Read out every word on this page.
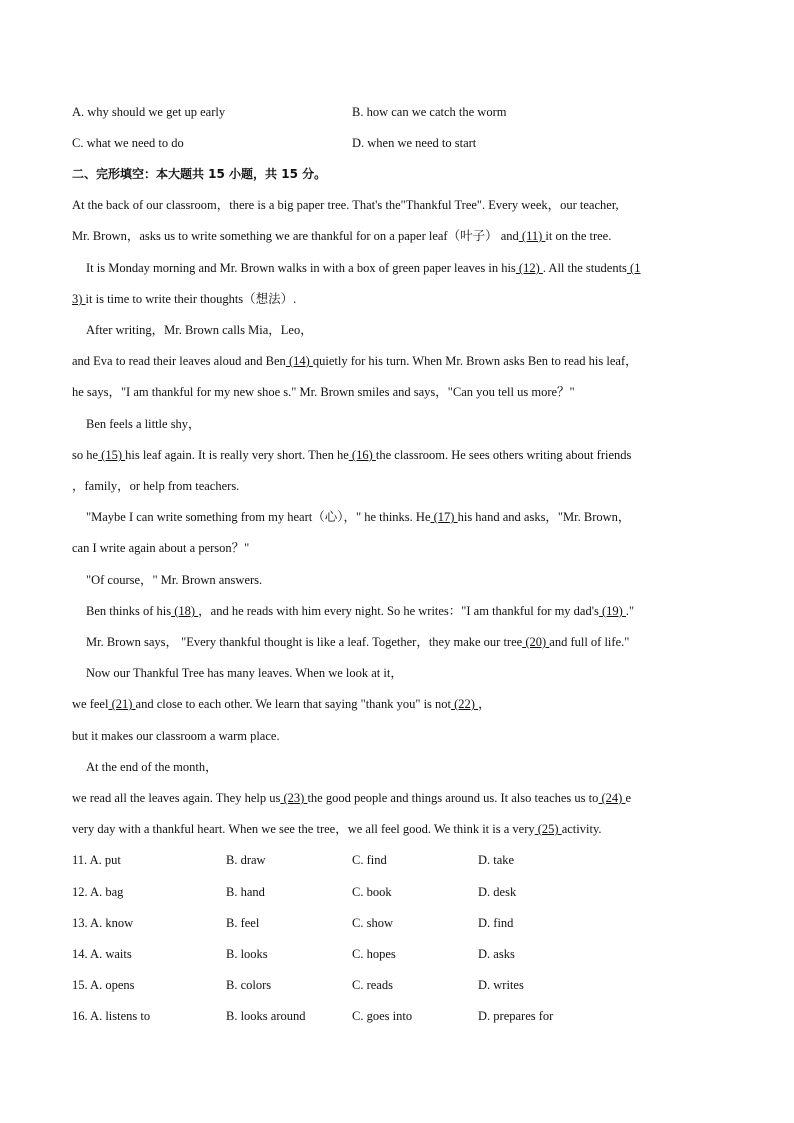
A. why should we get up early	B. how can we catch the worm
C. what we need to do	D. when we need to start
二、完形填空：本大题共 15 小题，共 15 分。
At the back of our classroom，there is a big paper tree. That's the"Thankful Tree". Every week，our teacher,
Mr. Brown，asks us to write something we are thankful for on a paper leaf（叶子） and (11) it on the tree.
It is Monday morning and Mr. Brown walks in with a box of green paper leaves in his (12) . All the students (1
3) it is time to write their thoughts（想法）.
After writing，Mr. Brown calls Mia，Leo，
and Eva to read their leaves aloud and Ben (14) quietly for his turn. When Mr. Brown asks Ben to read his leaf，
he says，"I am thankful for my new shoe s." Mr. Brown smiles and says，"Can you tell us more？"
Ben feels a little shy，
so he (15) his leaf again. It is really very short. Then he (16) the classroom. He sees others writing about friends
，family，or help from teachers.
"Maybe I can write something from my heart（心），" he thinks. He (17) his hand and asks，"Mr. Brown，
can I write again about a person？"
"Of course，" Mr. Brown answers.
Ben thinks of his (18) ，and he reads with him every night. So he writes："I am thankful for my dad's (19) ."
Mr. Brown says， "Every thankful thought is like a leaf. Together，they make our tree (20) and full of life."
Now our Thankful Tree has many leaves. When we look at it，
we feel (21) and close to each other. We learn that saying "thank you" is not (22) ，
but it makes our classroom a warm place.
At the end of the month，
we read all the leaves again. They help us (23) the good people and things around us. It also teaches us to (24) e
very day with a thankful heart. When we see the tree，we all feel good. We think it is a very (25) activity.
11. A. put	B. draw	C. find	D. take
12. A. bag	B. hand	C. book	D. desk
13. A. know	B. feel	C. show	D. find
14. A. waits	B. looks	C. hopes	D. asks
15. A. opens	B. colors	C. reads	D. writes
16. A. listens to	B. looks around	C. goes into	D. prepares for
